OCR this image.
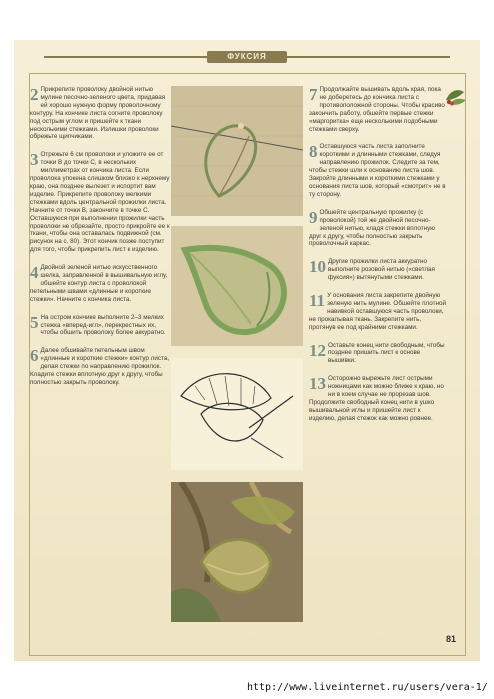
ФУКСИЯ
2 Прикрепите проволоку двойной нитью мулине песочно-зеленого цвета, придавая ей хорошо нужную форму проволочному контуру. На кончике листа согните проволоку под острым углом и пришейте к ткани несколькими стежками. Излишки проволоки обрежьте щипчиками.
3 Отрежьте 6 см проволоки и уложите ее от точки B до точки C, в нескольких миллиметрах от кончика листа. Если проволока упокена слишком близко к нерхнему краю, она позднее вылезет и испортит вам изделие. Прикрепите проволоку мелкими стежками вдоль центральной прожилки листа. Начните от точки B, закончите в точке C. Оставшуюся при выполнении прожилки часть проволоки не обрезайте, просто прикройте ее к ткани, чтобы она оставалась подвижной (см. рисунок на с. 80). Этот кончик позже поступит для того, чтобы прикрепить лист к изделию.
4 Двойной зеленой нитью искусственного шелка, заправленной в вышивальную иглу, обшейте контур листа с проволокой петельными швами «длинные и короткие стежки». Начните с кончика листа.
5 На остром кончике выполните 2–3 мелких стежка «вперед-игл», перекрестных их, чтобы обшить проволоку более аккуратно.
6 Далее обшивайте петельным швом «длинные и короткие стежки» контур листа, делая стежки по направлению прожилок. Кладите стежки вплотную друг к другу, чтобы полностью закрыть проволоку.
7 Продолжайте вышивать вдоль края, пока не доберетесь до кончика листа с противоположной стороны. Чтобы красиво закончить работу, обшейте первые стежки «маргоритка» еще несколькими подобными стежками сверху.
8 Оставшуюся часть листа заполните короткими и длинными стежками, следуя направлению прожилок. Следите за тем, чтобы стежки шли к основанию листа шов. Закройте длинными и короткими стежками у основания листа шов, который «смотрит» не в ту сторону.
9 Обшейте центральную прожилку (с проволокой) той же двойной песочно-зеленой нитью, кладя стежки вплотную друг к другу, чтобы полностью закрыть проволочный каркас.
10 Другие прожилки листа аккуратно выполните розовой нитью («светлая фуксия») вытянутыми стежками.
11 У основания листа закрепите двойную зеленую нить мулине. Обшейте плотной навивкой оставшуюся часть проволоки, не прокалывая ткань. Закрепите нить, протянув ее под крайними стежками.
12 Оставьте конец нити свободным, чтобы позднее пришить лист к основе вышивки.
13 Осторожно вырежьте лист острыми ножницами как можно ближе к краю, но ни в коем случае не прорезав шов. Продолжите свободный конец нити в ушко вышивальной иглы и пришейте лист к изделию, делая стежок как можно ровнее.
81
http://www.liveinternet.ru/users/vera-1/
